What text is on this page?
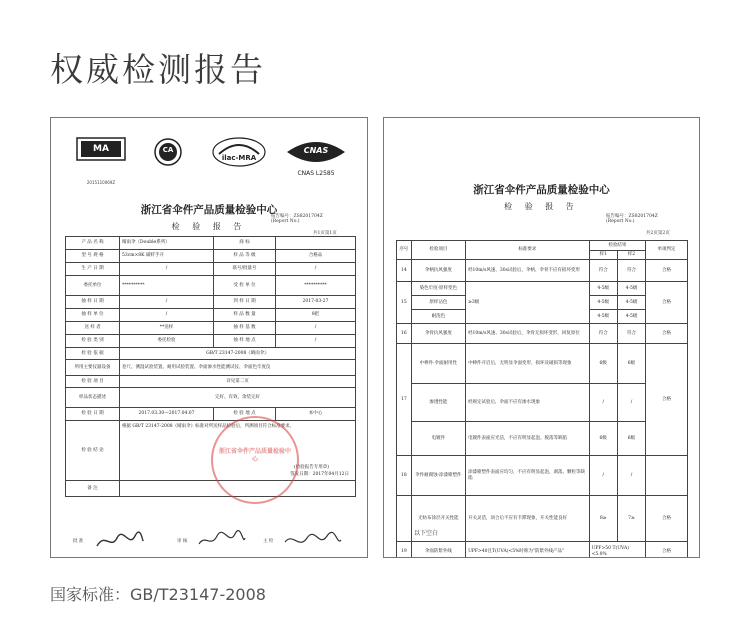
权威检测报告
MA
2015110069Z
CA
ilac-MRA
CNAS
CNAS L2585
浙江省伞件产品质量检验中心
检 验 报 告
报告编号：ZS8201704Z
(Report No.)
共1页第1页
产 品 名 称	晴雨伞（Double系列）	商 标	
型 号 规 格	53cm×8K 碳纤手开	样 品 等 级	合格品
生 产 日 期	/	联号/批量号	/
委托单位	**********	受 检 单 位	**********
抽 样 日 期	/	到 样 日 期	2017-03-27
抽 样 单 位	/	样 品 数 量	8把
送 样 者	**送样	抽 样 基 数	/
检 验 类 别	委托检验	抽 样 地 点	/
检 验 依 据	GB/T 23147-2008《晴雨伞》		
所用主要仪器设备	卷尺、测湿试验装置、耐用试验装置、伞面渗水性能测试仪、伞面色牢度仪		
检 验 项 目	详见第二页		
样品状态描述	完好、有效、余装完好		
检 验 日 期	2017.03.30—2017.04.07	检 验 地 点	本中心
检 验 结 论	根据 GB/T 23147-2008《晴雨伞》标准对所送样品检验后，所测项目符合标准要求。
(检验报告专用章)
签发日期：2017年04月12日		

备 注			
浙江省伞件产品质量检验中心
批 准	审 核	主 检
浙江省伞件产品质量检验中心
检 验 报 告
报告编号：ZS8201704Z
(Report No.)
共2页第2页
序号	检验项目	标准要求	检验结果		单项判定
			样1	样2	
14	伞柄抗风强度	经10m/s风速、30s试验后，伞柄、伞骨不应有损坏变形	符合	符合	合格
15	染色牢度·原样变色	≥3级	4-5级	4-5级	合格
	原样沾色		4-5级	4-5级	
	耐洗色		4-5级	4-5级	
16	伞骨抗风强度	经10m/s风速、30s试验后，伞骨无损坏变形，回复原位	符合	符合	合格
17	中棒件·伞面耐用性	中棒件开启后，无明显伞面变形、损坏及破损等现象	6级	6级	合格
	渗透性能	经规定试验后，伞面不应有渗水现象	/	/	
	电镀件	电镀件表面应光洁，不应有明显起泡、脱落等缺陷	6级	6级	
18	伞件耐腐蚀·涂漆喷塑件	涂漆喷塑件表面应均匀，不应有明显起泡、剥落、颗粒等缺陷	/	/	
	无纺布涂层开关性能	开关灵活，闭合后不应有卡滞现象，开关性能良好	8≥	7≥	合格
19	伞面防紫外线	UPF>40且T(UVA)<5%时称为"防紫外线产品"	UPF>50 T(UVA)<5.0%		合格
以下空白
国家标准：GB/T23147-2008
